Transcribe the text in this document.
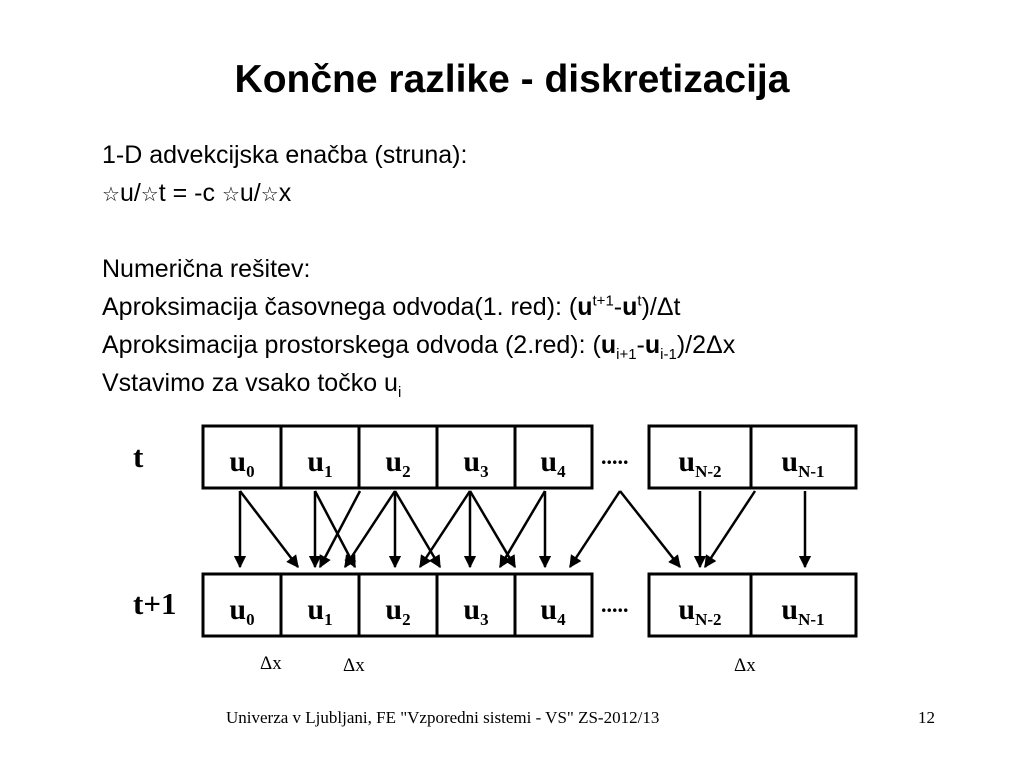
Končne razlike - diskretizacija
1-D advekcijska enačba (struna):
☆u/☆t = -c ☆u/☆x
Numerična rešitev:
Aproksimacija časovnega odvoda(1. red): $(u^{t+1}-u^t)/\Delta t$
Aproksimacija prostorskega odvoda (2.red): $(u_{i+1}-u_{i-1})/2\Delta x$
Vstavimo za vsako točko $u_i$
t
t+1
u0 u1 u2 u3 u4	uN-2 uN-1
.....
u0 u1 u2 u3 u4	uN-2 uN-1
.....
Δx	Δx	Δx
Univerza v Ljubljani, FE "Vzporedni sistemi - VS" ZS-2012/13	12
